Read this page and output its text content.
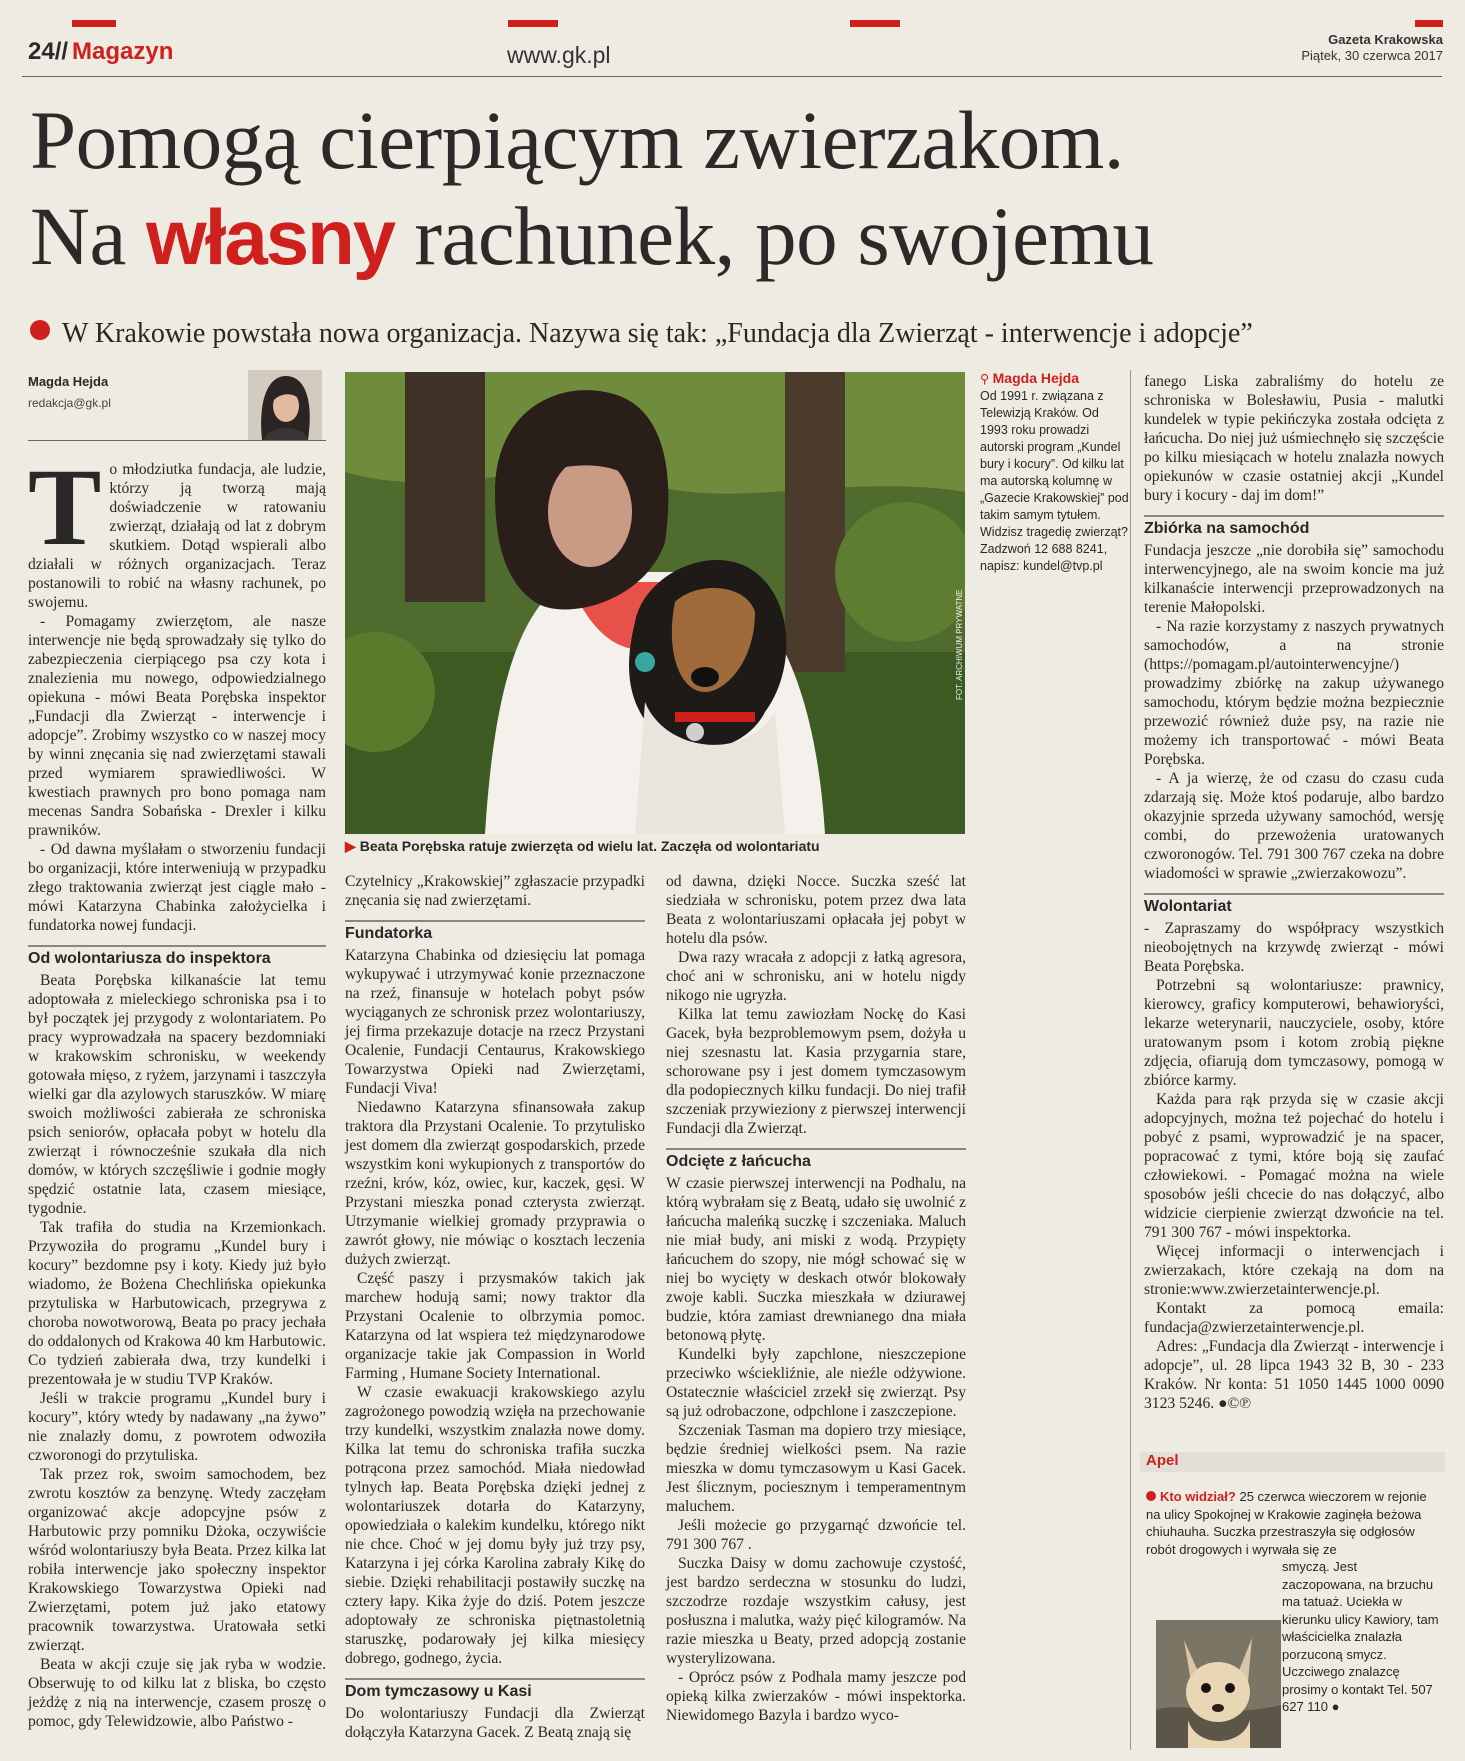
24// Magazyn	www.gk.pl
Gazeta Krakowska
Piątek, 30 czerwca 2017
Pomogą cierpiącym zwierzakom.
Na własny rachunek, po swojemu
W Krakowie powstała nowa organizacja. Nazywa się tak: „Fundacja dla Zwierząt - interwencje i adopcje”
Magda Hejda
redakcja@gk.pl

To młodziutka fundacja, ale ludzie, którzy ją tworzą mają doświadczenie w ratowaniu zwierząt, działają od lat z dobrym skutkiem. Dotąd wspierali albo działali w różnych organizacjach. Teraz postanowili to robić na własny rachunek, po swojemu.

- Pomagamy zwierzętom, ale nasze interwencje nie będą sprowadzały się tylko do zabezpieczenia cierpiącego psa czy kota i znalezienia mu nowego, odpowiedzialnego opiekuna - mówi Beata Porębska inspektor „Fundacji dla Zwierząt - interwencje i adopcje”. Zrobimy wszystko co w naszej mocy by winni znęcania się nad zwierzętami stawali przed wymiarem sprawiedliwości. W kwestiach prawnych pro bono pomaga nam mecenas Sandra Sobańska - Drexler i kilku prawników.

- Od dawna myślałam o stworzeniu fundacji bo organizacji, które interweniują w przypadku złego traktowania zwierząt jest ciągle mało - mówi Katarzyna Chabinka założycielka i fundatorka nowej fundacji.

Od wolontariusza do inspektora

Beata Porębska kilkanaście lat temu adoptowała z mieleckiego schroniska psa i to był początek jej przygody z wolontariatem. Po pracy wyprowadzała na spacery bezdomniaki w krakowskim schronisku, w weekendy gotowała mięso, z ryżem, jarzynami i taszczyła wielki gar dla azylowych staruszków. W miarę swoich możliwości zabierała ze schroniska psich seniorów, opłacała pobyt w hotelu dla zwierząt i równocześnie szukała dla nich domów, w których szczęśliwie i godnie mogły spędzić ostatnie lata, czasem miesiące, tygodnie.

Tak trafiła do studia na Krzemionkach. Przywoziła do programu „Kundel bury i kocury” bezdomne psy i koty. Kiedy już było wiadomo, że Bożena Chechlińska opiekunka przytuliska w Harbutowicach, przegrywa z choroba nowotworową, Beata po pracy jechała do oddalonych od Krakowa 40 km Harbutowic. Co tydzień zabierała dwa, trzy kundelki i prezentowała je w studiu TVP Kraków.

Jeśli w trakcie programu „Kundel bury i kocury”, który wtedy by nadawany „na żywo” nie znalazły domu, z powrotem odwoziła czworonogi do przytuliska.

Tak przez rok, swoim samochodem, bez zwrotu kosztów za benzynę. Wtedy zaczęłam organizować akcje adopcyjne psów z Harbutowic przy pomniku Dżoka, oczywiście wśród wolontariuszy była Beata. Przez kilka lat robiła interwencje jako społeczny inspektor Krakowskiego Towarzystwa Opieki nad Zwierzętami, potem już jako etatowy pracownik towarzystwa. Uratowała setki zwierząt.

Beata w akcji czuje się jak ryba w wodzie. Obserwuję to od kilku lat z bliska, bo często jeżdżę z nią na interwencje, czasem proszę o pomoc, gdy Telewidzowie, albo Państwo -

FOT. ARCHIWUM PRYWATNE
▶ Beata Porębska ratuje zwierzęta od wielu lat. Zaczęła od wolontariatu
⚲ Magda Hejda
Od 1991 r. związana z Telewizją Kraków. Od 1993 roku prowadzi autorski program „Kundel bury i kocury”. Od kilku lat ma autorską kolumnę w „Gazecie Krakowskiej” pod takim samym tytułem. Widzisz tragedię zwierząt? Zadzwoń 12 688 8241, napisz: kundel@tvp.pl

Czytelnicy „Krakowskiej” zgłaszacie przypadki znęcania się nad zwierzętami.

Fundatorka

Katarzyna Chabinka od dziesięciu lat pomaga wykupywać i utrzymywać konie przeznaczone na rzeź, finansuje w hotelach pobyt psów wyciąganych ze schronisk przez wolontariuszy, jej firma przekazuje dotacje na rzecz Przystani Ocalenie, Fundacji Centaurus, Krakowskiego Towarzystwa Opieki nad Zwierzętami, Fundacji Viva!

Niedawno Katarzyna sfinansowała zakup traktora dla Przystani Ocalenie. To przytulisko jest domem dla zwierząt gospodarskich, przede wszystkim koni wykupionych z transportów do rzeźni, krów, kóz, owiec, kur, kaczek, gęsi. W Przystani mieszka ponad czterysta zwierząt. Utrzymanie wielkiej gromady przyprawia o zawrót głowy, nie mówiąc o kosztach leczenia dużych zwierząt.

Część paszy i przysmaków takich jak marchew hodują sami; nowy traktor dla Przystani Ocalenie to olbrzymia pomoc. Katarzyna od lat wspiera też międzynarodowe organizacje takie jak Compassion in World Farming , Humane Society International.

W czasie ewakuacji krakowskiego azylu zagrożonego powodzią wzięła na przechowanie trzy kundelki, wszystkim znalazła nowe domy. Kilka lat temu do schroniska trafiła suczka potrącona przez samochód. Miała niedowład tylnych łap. Beata Porębska dzięki jednej z wolontariuszek dotarła do Katarzyny, opowiedziała o kalekim kundelku, którego nikt nie chce. Choć w jej domu były już trzy psy, Katarzyna i jej córka Karolina zabrały Kikę do siebie. Dzięki rehabilitacji postawiły suczkę na cztery łapy. Kika żyje do dziś. Potem jeszcze adoptowały ze schroniska piętnastoletnią staruszkę, podarowały jej kilka miesięcy dobrego, godnego, życia.

Dom tymczasowy u Kasi

Do wolontariuszy Fundacji dla Zwierząt dołączyła Katarzyna Gacek. Z Beatą znają się

od dawna, dzięki Nocce. Suczka sześć lat siedziała w schronisku, potem przez dwa lata Beata z wolontariuszami opłacała jej pobyt w hotelu dla psów.

Dwa razy wracała z adopcji z łatką agresora, choć ani w schronisku, ani w hotelu nigdy nikogo nie ugryzła.

Kilka lat temu zawiozłam Nockę do Kasi Gacek, była bezproblemowym psem, dożyła u niej szesnastu lat. Kasia przygarnia stare, schorowane psy i jest domem tymczasowym dla podopiecznych kilku fundacji. Do niej trafił szczeniak przywieziony z pierwszej interwencji Fundacji dla Zwierząt.

Odcięte z łańcucha

W czasie pierwszej interwencji na Podhalu, na którą wybrałam się z Beatą, udało się uwolnić z łańcucha maleńką suczkę i szczeniaka. Maluch nie miał budy, ani miski z wodą. Przypięty łańcuchem do szopy, nie mógł schować się w niej bo wycięty w deskach otwór blokowały zwoje kabli. Suczka mieszkała w dziurawej budzie, która zamiast drewnianego dna miała betonową płytę.

Kundelki były zapchlone, nieszczepione przeciwko wściekliźnie, ale nieźle odżywione. Ostatecznie właściciel zrzekł się zwierząt. Psy są już odrobaczone, odpchlone i zaszczepione.

Szczeniak Tasman ma dopiero trzy miesiące, będzie średniej wielkości psem. Na razie mieszka w domu tymczasowym u Kasi Gacek. Jest ślicznym, pociesznym i temperamentnym maluchem.

Jeśli możecie go przygarnąć dzwońcie tel. 791 300 767 .

Suczka Daisy w domu zachowuje czystość, jest bardzo serdeczna w stosunku do ludzi, szczodrze rozdaje wszystkim całusy, jest posłuszna i malutka, waży pięć kilogramów. Na razie mieszka u Beaty, przed adopcją zostanie wysterylizowana.

- Oprócz psów z Podhala mamy jeszcze pod opieką kilka zwierzaków - mówi inspektorka. Niewidomego Bazyla i bardzo wyco-

fanego Liska zabraliśmy do hotelu ze schroniska w Bolesławiu, Pusia - malutki kundelek w typie pekińczyka została odcięta z łańcucha. Do niej już uśmiechnęło się szczęście po kilku miesiącach w hotelu znalazła nowych opiekunów w czasie ostatniej akcji „Kundel bury i kocury - daj im dom!”

Zbiórka na samochód

Fundacja jeszcze „nie dorobiła się” samochodu interwencyjnego, ale na swoim koncie ma już kilkanaście interwencji przeprowadzonych na terenie Małopolski.

- Na razie korzystamy z naszych prywatnych samochodów, a na stronie (https://pomagam.pl/autointerwencyjne/) prowadzimy zbiórkę na zakup używanego samochodu, którym będzie można bezpiecznie przewozić również duże psy, na razie nie możemy ich transportować - mówi Beata Porębska.

- A ja wierzę, że od czasu do czasu cuda zdarzają się. Może ktoś podaruje, albo bardzo okazyjnie sprzeda używany samochód, wersję combi, do przewożenia uratowanych czworonogów. Tel. 791 300 767 czeka na dobre wiadomości w sprawie „zwierzakowozu”.

Wolontariat

- Zapraszamy do współpracy wszystkich nieobojętnych na krzywdę zwierząt - mówi Beata Porębska.

Potrzebni są wolontariusze: prawnicy, kierowcy, graficy komputerowi, behawioryści, lekarze weterynarii, nauczyciele, osoby, które uratowanym psom i kotom zrobią piękne zdjęcia, ofiarują dom tymczasowy, pomogą w zbiórce karmy.

Każda para rąk przyda się w czasie akcji adopcyjnych, można też pojechać do hotelu i pobyć z psami, wyprowadzić je na spacer, popracować z tymi, które boją się zaufać człowiekowi. - Pomagać można na wiele sposobów jeśli chcecie do nas dołączyć, albo widzicie cierpienie zwierząt dzwońcie na tel. 791 300 767 - mówi inspektorka.

Więcej informacji o interwencjach i zwierzakach, które czekają na dom na stronie:www.zwierzetainterwencje.pl.

Kontakt za pomocą emaila: fundacja@zwierzetainterwencje.pl.

Adres: „Fundacja dla Zwierząt - interwencje i adopcje”, ul. 28 lipca 1943 32 B, 30 - 233 Kraków. Nr konta: 51 1050 1445 1000 0090 3123 5246. ●©℗

Apel
Kto widział? 25 czerwca wieczorem w rejonie na ulicy Spokojnej w Krakowie zaginęła beżowa chiuhauha. Suczka przestraszyła się odgłosów robót drogowych i wyrwała się ze
smyczą. Jest zaczopowana, na brzuchu ma tatuaż. Uciekła w kierunku ulicy Kawiory, tam właścicielka znalazła porzuconą smycz. Uczciwego znalazcę prosimy o kontakt Tel. 507 627 110 ●
